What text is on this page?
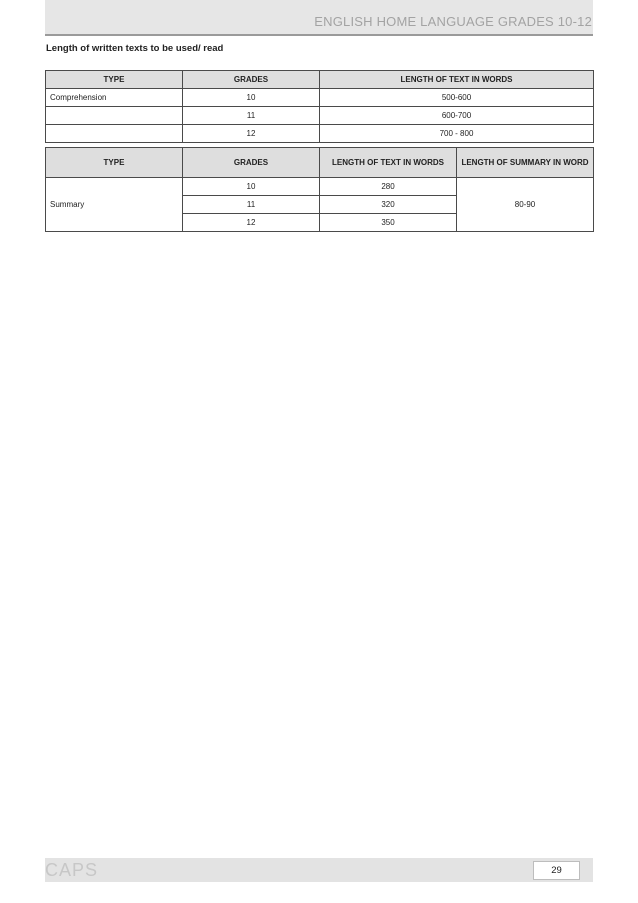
ENGLISH HOME LANGUAGE GRADES 10-12
Length of written texts to be used/ read
TYPE	GRADES	LENGTH OF TEXT IN WORDS
Comprehension	10	500-600
	11	600-700
	12	700 - 800
TYPE	GRADES	LENGTH OF TEXT IN WORDS	LENGTH OF SUMMARY IN WORD
Summary	10	280	80-90
	11	320	
	12	350	
CAPS	29
